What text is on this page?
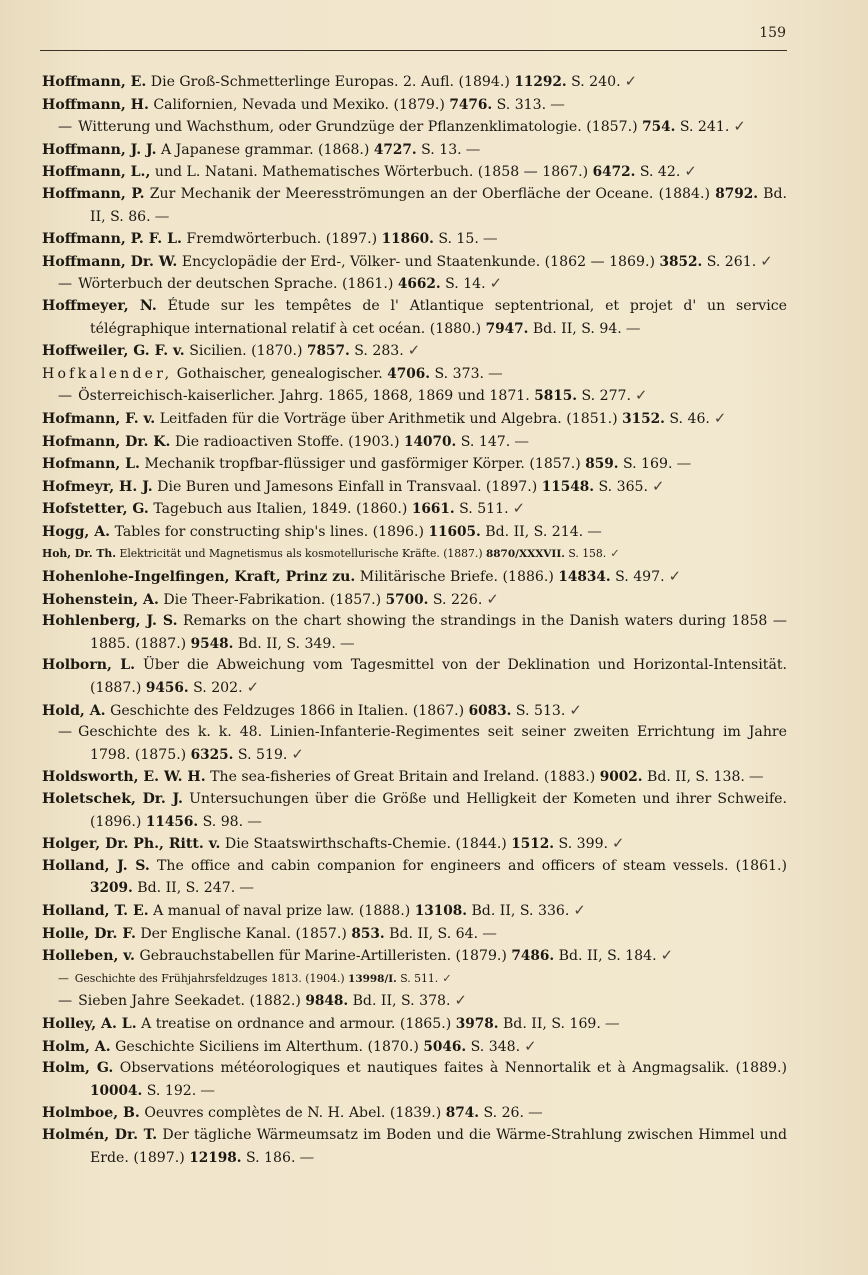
159
Hoffmann, E. Die Groß-Schmetterlinge Europas. 2. Aufl. (1894.) 11292. S. 240. ✓
Hoffmann, H. Californien, Nevada und Mexiko. (1879.) 7476. S. 313. —
— Witterung und Wachsthum, oder Grundzüge der Pflanzenklimatologie. (1857.) 754. S. 241. ✓
Hoffmann, J. J. A Japanese grammar. (1868.) 4727. S. 13. —
Hoffmann, L., und L. Natani. Mathematisches Wörterbuch. (1858 — 1867.) 6472. S. 42. ✓
Hoffmann, P. Zur Mechanik der Meeresströmungen an der Oberfläche der Oceane. (1884.) 8792. Bd. II, S. 86. —
Hoffmann, P. F. L. Fremdwörterbuch. (1897.) 11860. S. 15. —
Hoffmann, Dr. W. Encyclopädie der Erd-, Völker- und Staatenkunde. (1862 — 1869.) 3852. S. 261. ✓
— Wörterbuch der deutschen Sprache. (1861.) 4662. S. 14. ✓
Hoffmeyer, N. Étude sur les tempêtes de l' Atlantique septentrional, et projet d' un service télégraphique international relatif à cet océan. (1880.) 7947. Bd. II, S. 94. —
Hoffweiler, G. F. v. Sicilien. (1870.) 7857. S. 283. ✓
Hofkalender, Gothaischer, genealogischer. 4706. S. 373. —
— Österreichisch-kaiserlicher. Jahrg. 1865, 1868, 1869 und 1871. 5815. S. 277. ✓
Hofmann, F. v. Leitfaden für die Vorträge über Arithmetik und Algebra. (1851.) 3152. S. 46. ✓
Hofmann, Dr. K. Die radioactiven Stoffe. (1903.) 14070. S. 147. —
Hofmann, L. Mechanik tropfbar-flüssiger und gasförmiger Körper. (1857.) 859. S. 169. —
Hofmeyr, H. J. Die Buren und Jamesons Einfall in Transvaal. (1897.) 11548. S. 365. ✓
Hofstetter, G. Tagebuch aus Italien, 1849. (1860.) 1661. S. 511. ✓
Hogg, A. Tables for constructing ship's lines. (1896.) 11605. Bd. II, S. 214. —
Hoh, Dr. Th. Elektricität und Magnetismus als kosmotellurische Kräfte. (1887.) 8870/XXXVII. S. 158. ✓
Hohenlohe-Ingelfingen, Kraft, Prinz zu. Militärische Briefe. (1886.) 14834. S. 497. ✓
Hohenstein, A. Die Theer-Fabrikation. (1857.) 5700. S. 226. ✓
Hohlenberg, J. S. Remarks on the chart showing the strandings in the Danish waters during 1858 — 1885. (1887.) 9548. Bd. II, S. 349. —
Holborn, L. Über die Abweichung vom Tagesmittel von der Deklination und Horizontal-Intensität. (1887.) 9456. S. 202. ✓
Hold, A. Geschichte des Feldzuges 1866 in Italien. (1867.) 6083. S. 513. ✓
— Geschichte des k. k. 48. Linien-Infanterie-Regimentes seit seiner zweiten Errichtung im Jahre 1798. (1875.) 6325. S. 519. ✓
Holdsworth, E. W. H. The sea-fisheries of Great Britain and Ireland. (1883.) 9002. Bd. II, S. 138. —
Holetschek, Dr. J. Untersuchungen über die Größe und Helligkeit der Kometen und ihrer Schweife. (1896.) 11456. S. 98. —
Holger, Dr. Ph., Ritt. v. Die Staatswirthschafts-Chemie. (1844.) 1512. S. 399. ✓
Holland, J. S. The office and cabin companion for engineers and officers of steam vessels. (1861.) 3209. Bd. II, S. 247. —
Holland, T. E. A manual of naval prize law. (1888.) 13108. Bd. II, S. 336. ✓
Holle, Dr. F. Der Englische Kanal. (1857.) 853. Bd. II, S. 64. —
Holleben, v. Gebrauchstabellen für Marine-Artilleristen. (1879.) 7486. Bd. II, S. 184. ✓
— Geschichte des Frühjahrsfeldzuges 1813. (1904.) 13998/I. S. 511. ✓
— Sieben Jahre Seekadet. (1882.) 9848. Bd. II, S. 378. ✓
Holley, A. L. A treatise on ordnance and armour. (1865.) 3978. Bd. II, S. 169. —
Holm, A. Geschichte Siciliens im Alterthum. (1870.) 5046. S. 348. ✓
Holm, G. Observations météorologiques et nautiques faites à Nennortalik et à Angmagsalik. (1889.) 10004. S. 192. —
Holmboe, B. Oeuvres complètes de N. H. Abel. (1839.) 874. S. 26. —
Holmén, Dr. T. Der tägliche Wärmeumsatz im Boden und die Wärme-Strahlung zwischen Himmel und Erde. (1897.) 12198. S. 186. —
